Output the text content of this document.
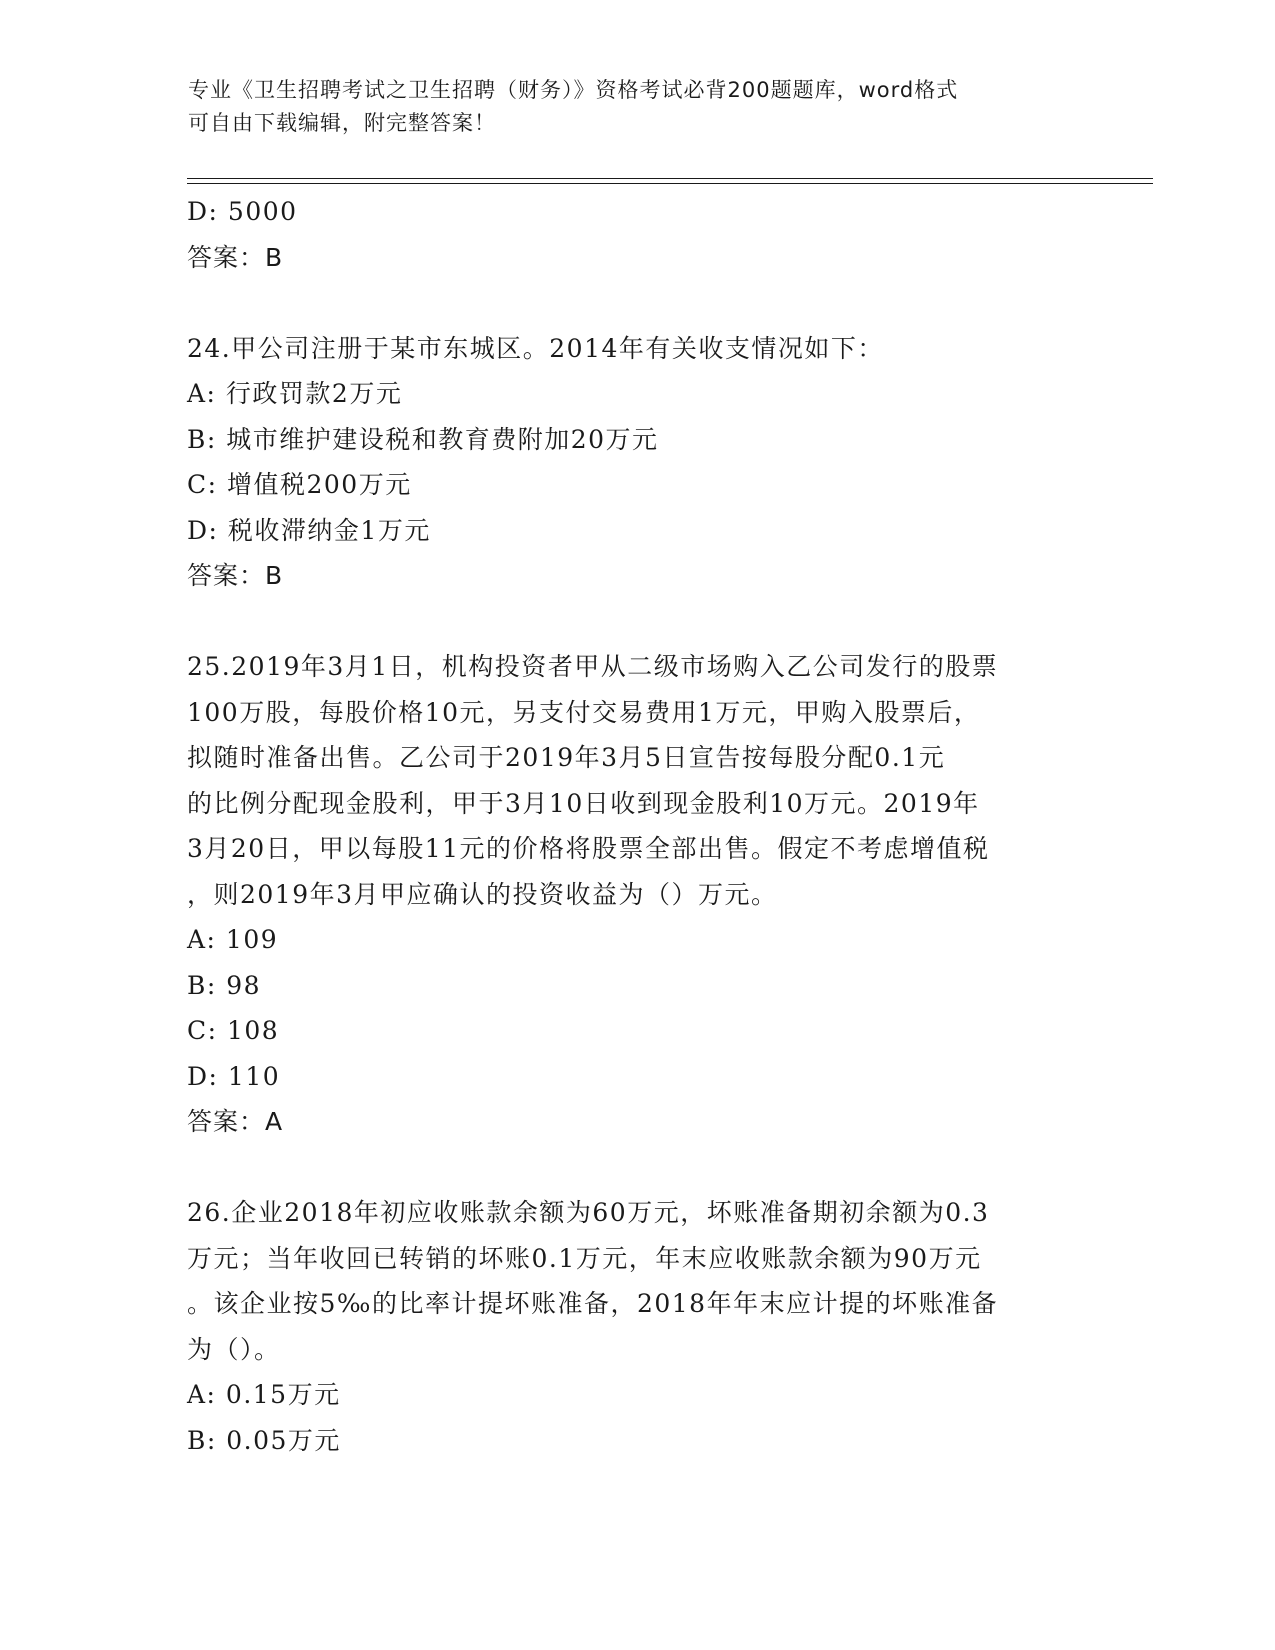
专业《卫生招聘考试之卫生招聘（财务）》资格考试必背200题题库，word格式
可自由下载编辑，附完整答案！
D: 5000
答案：B
24.甲公司注册于某市东城区。2014年有关收支情况如下：
A: 行政罚款2万元
B: 城市维护建设税和教育费附加20万元
C: 增值税200万元
D: 税收滞纳金1万元
答案：B
25.2019年3月1日，机构投资者甲从二级市场购入乙公司发行的股票
100万股，每股价格10元，另支付交易费用1万元，甲购入股票后，
拟随时准备出售。乙公司于2019年3月5日宣告按每股分配0.1元
的比例分配现金股利，甲于3月10日收到现金股利10万元。2019年
3月20日，甲以每股11元的价格将股票全部出售。假定不考虑增值税
，则2019年3月甲应确认的投资收益为（）万元。
A: 109
B: 98
C: 108
D: 110
答案：A
26.企业2018年初应收账款余额为60万元，坏账准备期初余额为0.3
万元；当年收回已转销的坏账0.1万元，年末应收账款余额为90万元
。该企业按5‰的比率计提坏账准备，2018年年末应计提的坏账准备
为（）。
A: 0.15万元
B: 0.05万元
